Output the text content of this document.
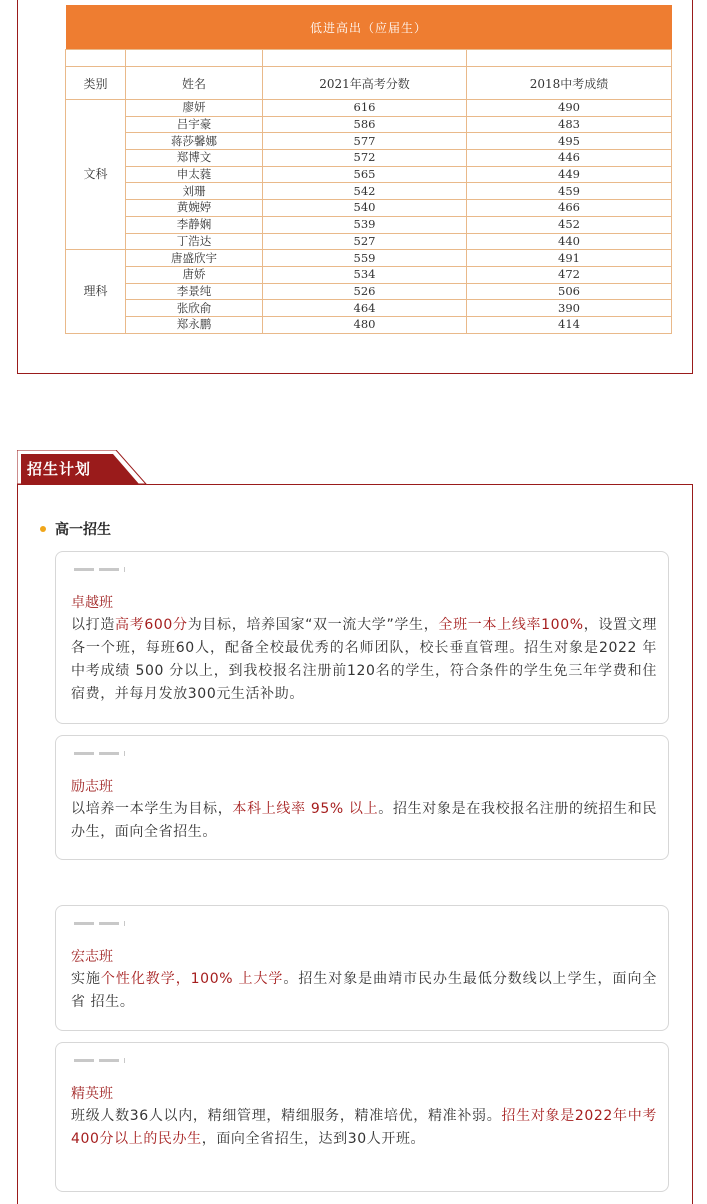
低进高出（应届生）			

类别	姓名	2021年高考分数	2018中考成绩
文科	廖妍	616	490
	吕宇豪	586	483
	蒋莎馨娜	577	495
	郑博文	572	446
	申太蕤	565	449
	刘珊	542	459
	黄婉婷	540	466
	李静娴	539	452
	丁浩达	527	440
理科	唐盛欣宇	559	491
	唐娇	534	472
	李景纯	526	506
	张欣俞	464	390
	郑永鹏	480	414
招生计划
高一招生
卓越班
以打造高考600分为目标，培养国家“双一流大学”学生，全班一本上线率100%，设置文理各一个班，每班60人，配备全校最优秀的名师团队，校长垂直管理。招生对象是2022 年中考成绩 500 分以上，到我校报名注册前120名的学生，符合条件的学生免三年学费和住宿费，并每月发放300元生活补助。
励志班
以培养一本学生为目标，本科上线率 95% 以上。招生对象是在我校报名注册的统招生和民办生，面向全省招生。
宏志班
实施个性化教学，100% 上大学。招生对象是曲靖市民办生最低分数线以上学生，面向全省 招生。
精英班
班级人数36人以内，精细管理，精细服务，精准培优，精准补弱。招生对象是2022年中考400分以上的民办生，面向全省招生，达到30人开班。
